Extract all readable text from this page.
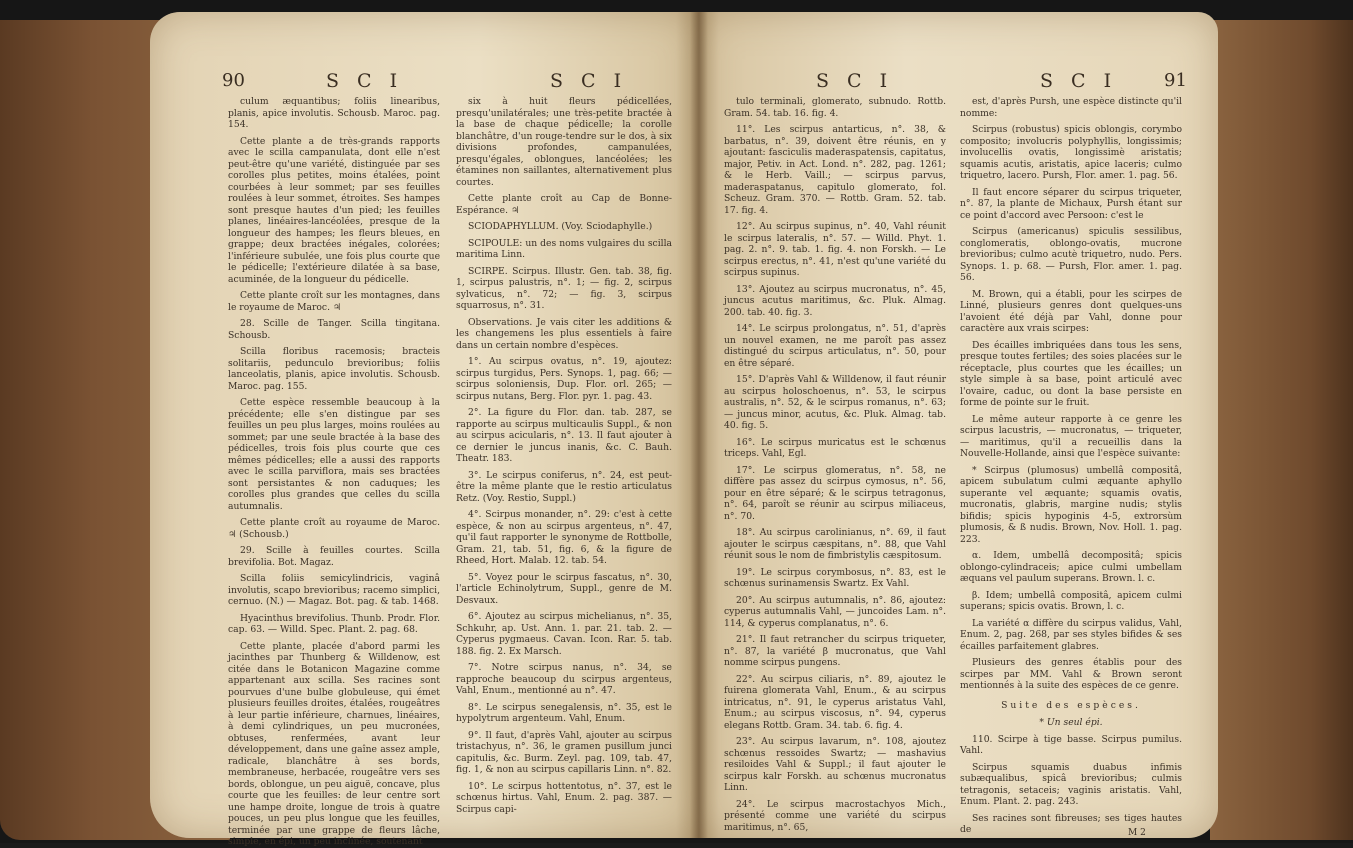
90	S C I	S C I

culum æquantibus; foliis linearibus, planis, apice involutis. Schousb. Maroc. pag. 154.

Cette plante a de très-grands rapports avec le scilla campanulata, dont elle n'est peut-être qu'une variété, distinguée par ses corolles plus petites, moins étalées, point courbées à leur sommet; par ses feuilles roulées à leur sommet, étroites. Ses hampes sont presque hautes d'un pied; les feuilles planes, linéaires-lancéolées, presque de la longueur des hampes; les fleurs bleues, en grappe; deux bractées inégales, colorées; l'inférieure subulée, une fois plus courte que le pédicelle; l'extérieure dilatée à sa base, acuminée, de la longueur du pédicelle.

Cette plante croît sur les montagnes, dans le royaume de Maroc. ♃

28. Scille de Tanger. Scilla tingitana. Schousb.

Scilla floribus racemosis; bracteis solitariis, pedunculo brevioribus; foliis lanceolatis, planis, apice involutis. Schousb. Maroc. pag. 155.

Cette espèce ressemble beaucoup à la précédente; elle s'en distingue par ses feuilles un peu plus larges, moins roulées au sommet; par une seule bractée à la base des pédicelles, trois fois plus courte que ces mêmes pédicelles; elle a aussi des rapports avec le scilla parviflora, mais ses bractées sont persistantes & non caduques; les corolles plus grandes que celles du scilla autumnalis.

Cette plante croît au royaume de Maroc. ♃ (Schousb.)

29. Scille à feuilles courtes. Scilla brevifolia. Bot. Magaz.

Scilla foliis semicylindricis, vaginâ involutis, scapo brevioribus; racemo simplici, cernuo. (N.) — Magaz. Bot. pag. & tab. 1468.

Hyacinthus brevifolius. Thunb. Prodr. Flor. cap. 63. — Willd. Spec. Plant. 2. pag. 68.

Cette plante, placée d'abord parmi les jacinthes par Thunberg & Willdenow, est citée dans le Botanicon Magazine comme appartenant aux scilla. Ses racines sont pourvues d'une bulbe globuleuse, qui émet plusieurs feuilles droites, étalées, rougeâtres à leur partie inférieure, charnues, linéaires, à demi cylindriques, un peu mucronées, obtuses, renfermées, avant leur développement, dans une gaîne assez ample, radicale, blanchâtre à ses bords, membraneuse, herbacée, rougeâtre vers ses bords, oblongue, un peu aiguë, concave, plus courte que les feuilles: de leur centre sort une hampe droite, longue de trois à quatre pouces, un peu plus longue que les feuilles, terminée par une grappe de fleurs lâche, simple, en épi, un peu inclinée, soutenant

six à huit fleurs pédicellées, presqu'unilatérales; une très-petite bractée à la base de chaque pédicelle; la corolle blanchâtre, d'un rouge-tendre sur le dos, à six divisions profondes, campanulées, presqu'égales, oblongues, lancéolées; les étamines non saillantes, alternativement plus courtes.

Cette plante croît au Cap de Bonne-Espérance. ♃

SCIODAPHYLLUM. (Voy. Sciodaphylle.)

SCIPOULE: un des noms vulgaires du scilla maritima Linn.

SCIRPE. Scirpus. Illustr. Gen. tab. 38, fig. 1, scirpus palustris, n°. 1; — fig. 2, scirpus sylvaticus, n°. 72; — fig. 3, scirpus squarrosus, n°. 31.

Observations. Je vais citer les additions & les changemens les plus essentiels à faire dans un certain nombre d'espèces.

1°. Au scirpus ovatus, n°. 19, ajoutez: scirpus turgidus, Pers. Synops. 1, pag. 66; — scirpus soloniensis, Dup. Flor. orl. 265; — scirpus nutans, Berg. Flor. pyr. 1. pag. 43.

2°. La figure du Flor. dan. tab. 287, se rapporte au scirpus multicaulis Suppl., & non au scirpus acicularis, n°. 13. Il faut ajouter à ce dernier le juncus inanis, &c. C. Bauh. Theatr. 183.

3°. Le scirpus coniferus, n°. 24, est peut-être la même plante que le restio articulatus Retz. (Voy. Restio, Suppl.)

4°. Scirpus monander, n°. 29: c'est à cette espèce, & non au scirpus argenteus, n°. 47, qu'il faut rapporter le synonyme de Rottbolle, Gram. 21, tab. 51, fig. 6, & la figure de Rheed, Hort. Malab. 12. tab. 54.

5°. Voyez pour le scirpus fascatus, n°. 30, l'article Echinolytrum, Suppl., genre de M. Desvaux.

6°. Ajoutez au scirpus michelianus, n°. 35, Schkuhr, ap. Ust. Ann. 1. par. 21. tab. 2. — Cyperus pygmaeus. Cavan. Icon. Rar. 5. tab. 188. fig. 2. Ex Marsch.

7°. Notre scirpus nanus, n°. 34, se rapproche beaucoup du scirpus argenteus, Vahl, Enum., mentionné au n°. 47.

8°. Le scirpus senegalensis, n°. 35, est le hypolytrum argenteum. Vahl, Enum.

9°. Il faut, d'après Vahl, ajouter au scirpus tristachyus, n°. 36, le gramen pusillum junci capitulis, &c. Burm. Zeyl. pag. 109, tab. 47, fig. 1, & non au scirpus capillaris Linn. n°. 82.

10°. Le scirpus hottentotus, n°. 37, est le schœnus hirtus. Vahl, Enum. 2. pag. 387. — Scirpus capi-

S C I	S C I	91

tulo terminali, glomerato, subnudo. Rottb. Gram. 54. tab. 16. fig. 4.

11°. Les scirpus antarticus, n°. 38, & barbatus, n°. 39, doivent être réunis, en y ajoutant: fasciculis maderaspatensis, capitatus, major, Petiv. in Act. Lond. n°. 282, pag. 1261; & le Herb. Vaill.; — scirpus parvus, maderaspatanus, capitulo glomerato, fol. Scheuz. Gram. 370. — Rottb. Gram. 52. tab. 17. fig. 4.

12°. Au scirpus supinus, n°. 40, Vahl réunit le scirpus lateralis, n°. 57. — Willd. Phyt. 1. pag. 2. n°. 9. tab. 1. fig. 4. non Forskh. — Le scirpus erectus, n°. 41, n'est qu'une variété du scirpus supinus.

13°. Ajoutez au scirpus mucronatus, n°. 45, juncus acutus maritimus, &c. Pluk. Almag. 200. tab. 40. fig. 3.

14°. Le scirpus prolongatus, n°. 51, d'après un nouvel examen, ne me paroît pas assez distingué du scirpus articulatus, n°. 50, pour en être séparé.

15°. D'après Vahl & Willdenow, il faut réunir au scirpus holoschoenus, n°. 53, le scirpus australis, n°. 52, & le scirpus romanus, n°. 63; — juncus minor, acutus, &c. Pluk. Almag. tab. 40. fig. 5.

16°. Le scirpus muricatus est le schœnus triceps. Vahl, Egl.

17°. Le scirpus glomeratus, n°. 58, ne diffère pas assez du scirpus cymosus, n°. 56, pour en être séparé; & le scirpus tetragonus, n°. 64, paroît se réunir au scirpus miliaceus, n°. 70.

18°. Au scirpus carolinianus, n°. 69, il faut ajouter le scirpus cæspitans, n°. 88, que Vahl réunit sous le nom de fimbristylis cæspitosum.

19°. Le scirpus corymbosus, n°. 83, est le schœnus surinamensis Swartz. Ex Vahl.

20°. Au scirpus autumnalis, n°. 86, ajoutez: cyperus autumnalis Vahl, — juncoides Lam. n°. 114, & cyperus complanatus, n°. 6.

21°. Il faut retrancher du scirpus triqueter, n°. 87, la variété β mucronatus, que Vahl nomme scirpus pungens.

22°. Au scirpus ciliaris, n°. 89, ajoutez le fuirena glomerata Vahl, Enum., & au scirpus intricatus, n°. 91, le cyperus aristatus Vahl, Enum.; au scirpus viscosus, n°. 94, cyperus elegans Rottb. Gram. 34. tab. 6. fig. 4.

23°. Au scirpus lavarum, n°. 108, ajoutez schœnus ressoides Swartz; — mashavius resiloides Vahl & Suppl.; il faut ajouter le scirpus kalr Forskh. au schœnus mucronatus Linn.

24°. Le scirpus macrostachyos Mich., présenté comme une variété du scirpus maritimus, n°. 65,

est, d'après Pursh, une espèce distincte qu'il nomme:

Scirpus (robustus) spicis oblongis, corymbo composito; involucris polyphyllis, longissimis; involucellis ovatis, longissimè aristatis; squamis acutis, aristatis, apice laceris; culmo triquetro, lacero. Pursh, Flor. amer. 1. pag. 56.

Il faut encore séparer du scirpus triqueter, n°. 87, la plante de Michaux, Pursh étant sur ce point d'accord avec Persoon: c'est le

Scirpus (americanus) spiculis sessilibus, conglomeratis, oblongo-ovatis, mucrone brevioribus; culmo acutè triquetro, nudo. Pers. Synops. 1. p. 68. — Pursh, Flor. amer. 1. pag. 56.

M. Brown, qui a établi, pour les scirpes de Linné, plusieurs genres dont quelques-uns l'avoient été déjà par Vahl, donne pour caractère aux vrais scirpes:

Des écailles imbriquées dans tous les sens, presque toutes fertiles; des soies placées sur le réceptacle, plus courtes que les écailles; un style simple à sa base, point articulé avec l'ovaire, caduc, ou dont la base persiste en forme de pointe sur le fruit.

Le même auteur rapporte à ce genre les scirpus lacustris, — mucronatus, — triqueter, — maritimus, qu'il a recueillis dans la Nouvelle-Hollande, ainsi que l'espèce suivante:

* Scirpus (plumosus) umbellâ compositâ, apicem subulatum culmi æquante aphyllo superante vel æquante; squamis ovatis, mucronatis, glabris, margine nudis; stylis bifidis; spicis hypoginis 4-5, extrorsùm plumosis, & ß nudis. Brown, Nov. Holl. 1. pag. 223.

α. Idem, umbellâ decompositâ; spicis oblongo-cylindraceis; apice culmi umbellam æquans vel paulum superans. Brown. l. c.

β. Idem; umbellâ compositâ, apicem culmi superans; spicis ovatis. Brown, l. c.

La variété α diffère du scirpus validus, Vahl, Enum. 2, pag. 268, par ses styles bifides & ses écailles parfaitement glabres.

Plusieurs des genres établis pour des scirpes par MM. Vahl & Brown seront mentionnés à la suite des espèces de ce genre.

Suite des espèces.

* Un seul épi.

110. Scirpe à tige basse. Scirpus pumilus. Vahl.

Scirpus squamis duabus infimis subæqualibus, spicâ brevioribus; culmis tetragonis, setaceis; vaginis aristatis. Vahl, Enum. Plant. 2. pag. 243.

Ses racines sont fibreuses; ses tiges hautes de	M 2
